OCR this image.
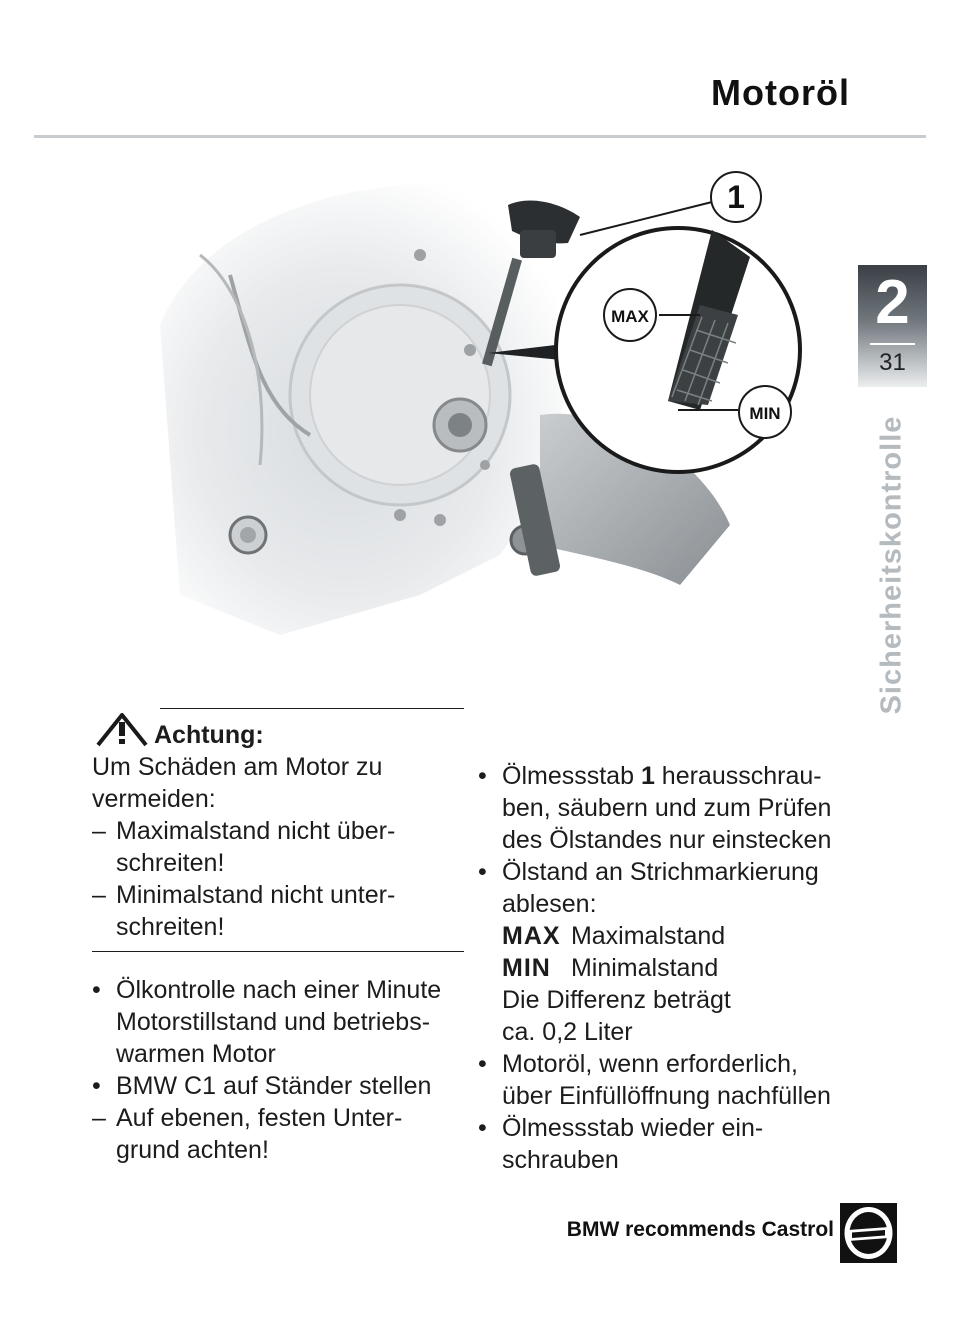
Motoröl
2
31
Sicherheitskontrolle
1
MAX
MIN
Achtung:
Um Schäden am Motor zu
vermeiden:
– Maximalstand nicht über-
schreiten!
– Minimalstand nicht unter-
schreiten!
• Ölkontrolle nach einer Minute
Motorstillstand und betriebs-
warmen Motor
• BMW C1 auf Ständer stellen
– Auf ebenen, festen Unter-
grund achten!
• Ölmessstab 1 herausschrau-
ben, säubern und zum Prüfen
des Ölstandes nur einstecken
• Ölstand an Strichmarkierung
ablesen:
MAX Maximalstand
MIN Minimalstand
Die Differenz beträgt
ca. 0,2 Liter
• Motoröl, wenn erforderlich,
über Einfüllöffnung nachfüllen
• Ölmessstab wieder ein-
schrauben
BMW recommends Castrol
